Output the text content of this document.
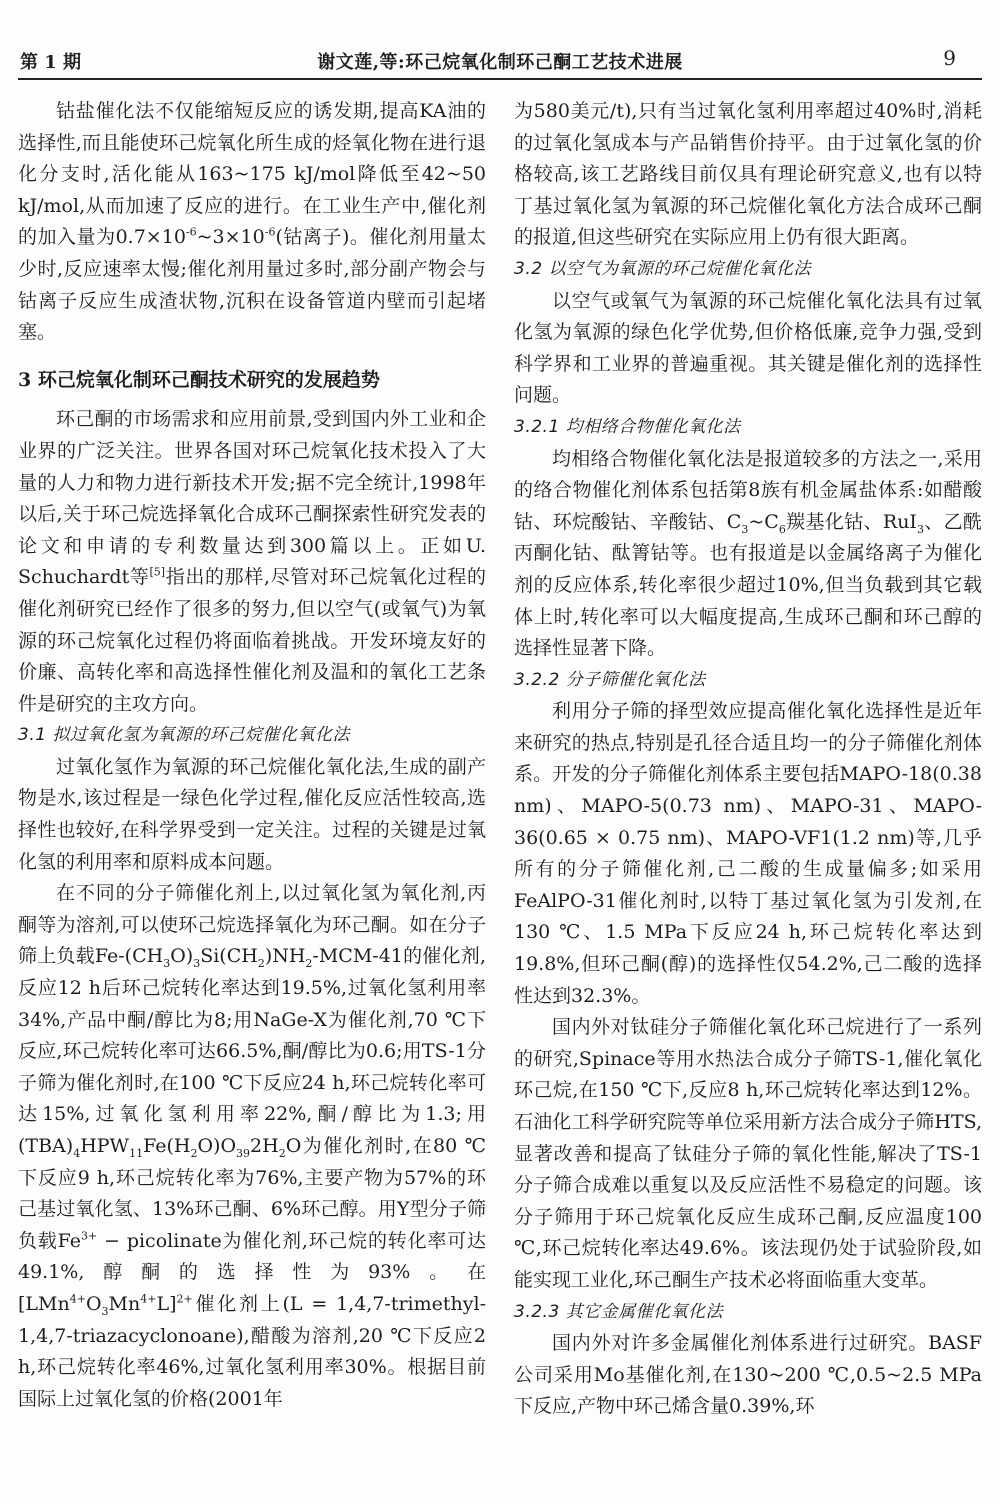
第 1 期	谢文莲,等:环己烷氧化制环己酮工艺技术进展	9

钴盐催化法不仅能缩短反应的诱发期,提高KA油的选择性,而且能使环己烷氧化所生成的烃氧化物在进行退化分支时,活化能从163~175 kJ/mol降低至42~50 kJ/mol,从而加速了反应的进行。在工业生产中,催化剂的加入量为$0.7\times 10^{-6}\sim 3\times 10^{-6}$(钴离子)。催化剂用量太少时,反应速率太慢;催化剂用量过多时,部分副产物会与钴离子反应生成渣状物,沉积在设备管道内壁而引起堵塞。

3 环己烷氧化制环己酮技术研究的发展趋势

环己酮的市场需求和应用前景,受到国内外工业和企业界的广泛关注。世界各国对环己烷氧化技术投入了大量的人力和物力进行新技术开发;据不完全统计,1998年以后,关于环己烷选择氧化合成环己酮探索性研究发表的论文和申请的专利数量达到300篇以上。正如U. Schuchardt等[5]指出的那样,尽管对环己烷氧化过程的催化剂研究已经作了很多的努力,但以空气(或氧气)为氧源的环己烷氧化过程仍将面临着挑战。开发环境友好的价廉、高转化率和高选择性催化剂及温和的氧化工艺条件是研究的主攻方向。

3.1 拟过氧化氢为氧源的环己烷催化氧化法

过氧化氢作为氧源的环己烷催化氧化法,生成的副产物是水,该过程是一绿色化学过程,催化反应活性较高,选择性也较好,在科学界受到一定关注。过程的关键是过氧化氢的利用率和原料成本问题。

在不同的分子筛催化剂上,以过氧化氢为氧化剂,丙酮等为溶剂,可以使环己烷选择氧化为环己酮。如在分子筛上负载$Fe-(CH_3O)_3Si(CH_2)NH_2-MCM-41$的催化剂,反应12 h后环己烷转化率达到19.5%,过氧化氢利用率34%,产品中酮/醇比为8;用NaGe-X为催化剂,70 ℃下反应,环己烷转化率可达66.5%,酮/醇比为0.6;用TS-1分子筛为催化剂时,在100 ℃下反应24 h,环己烷转化率可达15%,过氧化氢利用率22%,酮/醇比为1.3;用$(TBA)_4HPW_{11}Fe(H_2O)O_{39}2H_2O$为催化剂时,在80 ℃下反应9 h,环己烷转化率为76%,主要产物为57%的环己基过氧化氢、13%环己酮、6%环己醇。用Y型分子筛负载$Fe^{3+}$ − picolinate为催化剂,环己烷的转化率可达49.1%,醇酮的选择性为93%。在$[LMn^{4+}O_3Mn^{4+}L]^{2+}$催化剂上(L = 1,4,7-trimethyl-1,4,7-triazacyclonoane),醋酸为溶剂,20 ℃下反应2 h,环己烷转化率46%,过氧化氢利用率30%。根据目前国际上过氧化氢的价格(2001年

为580美元/t),只有当过氧化氢利用率超过40%时,消耗的过氧化氢成本与产品销售价持平。由于过氧化氢的价格较高,该工艺路线目前仅具有理论研究意义,也有以特丁基过氧化氢为氧源的环己烷催化氧化方法合成环己酮的报道,但这些研究在实际应用上仍有很大距离。

3.2 以空气为氧源的环己烷催化氧化法

以空气或氧气为氧源的环己烷催化氧化法具有过氧化氢为氧源的绿色化学优势,但价格低廉,竞争力强,受到科学界和工业界的普遍重视。其关键是催化剂的选择性问题。

3.2.1 均相络合物催化氧化法

均相络合物催化氧化法是报道较多的方法之一,采用的络合物催化剂体系包括第8族有机金属盐体系:如醋酸钴、环烷酸钴、辛酸钴、$C_3\sim C_6$羰基化钴、RuI$_3$、乙酰丙酮化钴、酞箐钴等。也有报道是以金属络离子为催化剂的反应体系,转化率很少超过10%,但当负载到其它载体上时,转化率可以大幅度提高,生成环己酮和环己醇的选择性显著下降。

3.2.2 分子筛催化氧化法

利用分子筛的择型效应提高催化氧化选择性是近年来研究的热点,特别是孔径合适且均一的分子筛催化剂体系。开发的分子筛催化剂体系主要包括MAPO-18(0.38 nm)、MAPO-5(0.73 nm)、MAPO-31、MAPO-36(0.65 × 0.75 nm)、MAPO-VF1(1.2 nm)等,几乎所有的分子筛催化剂,己二酸的生成量偏多;如采用FeAlPO-31催化剂时,以特丁基过氧化氢为引发剂,在130 ℃、1.5 MPa下反应24 h,环己烷转化率达到19.8%,但环己酮(醇)的选择性仅54.2%,己二酸的选择性达到32.3%。

国内外对钛硅分子筛催化氧化环己烷进行了一系列的研究,Spinace等用水热法合成分子筛TS-1,催化氧化环己烷,在150 ℃下,反应8 h,环己烷转化率达到12%。石油化工科学研究院等单位采用新方法合成分子筛HTS,显著改善和提高了钛硅分子筛的氧化性能,解决了TS-1分子筛合成难以重复以及反应活性不易稳定的问题。该分子筛用于环己烷氧化反应生成环己酮,反应温度100 ℃,环己烷转化率达49.6%。该法现仍处于试验阶段,如能实现工业化,环己酮生产技术必将面临重大变革。

3.2.3 其它金属催化氧化法

国内外对许多金属催化剂体系进行过研究。BASF公司采用Mo基催化剂,在130~200 ℃,0.5~2.5 MPa下反应,产物中环己烯含量0.39%,环
